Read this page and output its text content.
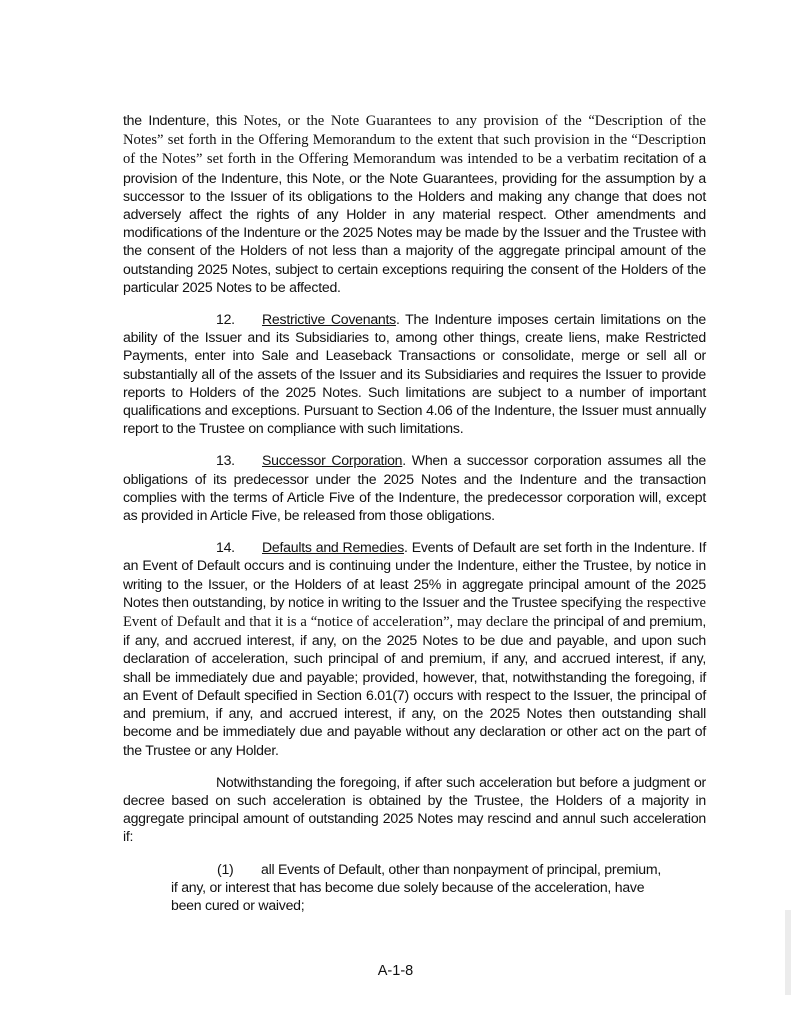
the Indenture, this Notes, or the Note Guarantees to any provision of the “Description of the Notes” set forth in the Offering Memorandum to the extent that such provision in the “Description of the Notes” set forth in the Offering Memorandum was intended to be a verbatim recitation of a provision of the Indenture, this Note, or the Note Guarantees, providing for the assumption by a successor to the Issuer of its obligations to the Holders and making any change that does not adversely affect the rights of any Holder in any material respect. Other amendments and modifications of the Indenture or the 2025 Notes may be made by the Issuer and the Trustee with the consent of the Holders of not less than a majority of the aggregate principal amount of the outstanding 2025 Notes, subject to certain exceptions requiring the consent of the Holders of the particular 2025 Notes to be affected.

12. Restrictive Covenants. The Indenture imposes certain limitations on the ability of the Issuer and its Subsidiaries to, among other things, create liens, make Restricted Payments, enter into Sale and Leaseback Transactions or consolidate, merge or sell all or substantially all of the assets of the Issuer and its Subsidiaries and requires the Issuer to provide reports to Holders of the 2025 Notes. Such limitations are subject to a number of important qualifications and exceptions. Pursuant to Section 4.06 of the Indenture, the Issuer must annually report to the Trustee on compliance with such limitations.

13. Successor Corporation. When a successor corporation assumes all the obligations of its predecessor under the 2025 Notes and the Indenture and the transaction complies with the terms of Article Five of the Indenture, the predecessor corporation will, except as provided in Article Five, be released from those obligations.

14. Defaults and Remedies. Events of Default are set forth in the Indenture. If an Event of Default occurs and is continuing under the Indenture, either the Trustee, by notice in writing to the Issuer, or the Holders of at least 25% in aggregate principal amount of the 2025 Notes then outstanding, by notice in writing to the Issuer and the Trustee specifying the respective Event of Default and that it is a “notice of acceleration”, may declare the principal of and premium, if any, and accrued interest, if any, on the 2025 Notes to be due and payable, and upon such declaration of acceleration, such principal of and premium, if any, and accrued interest, if any, shall be immediately due and payable; provided, however, that, notwithstanding the foregoing, if an Event of Default specified in Section 6.01(7) occurs with respect to the Issuer, the principal of and premium, if any, and accrued interest, if any, on the 2025 Notes then outstanding shall become and be immediately due and payable without any declaration or other act on the part of the Trustee or any Holder.

Notwithstanding the foregoing, if after such acceleration but before a judgment or decree based on such acceleration is obtained by the Trustee, the Holders of a majority in aggregate principal amount of outstanding 2025 Notes may rescind and annul such acceleration if:

(1) all Events of Default, other than nonpayment of principal, premium, if any, or interest that has become due solely because of the acceleration, have been cured or waived;

A-1-8
